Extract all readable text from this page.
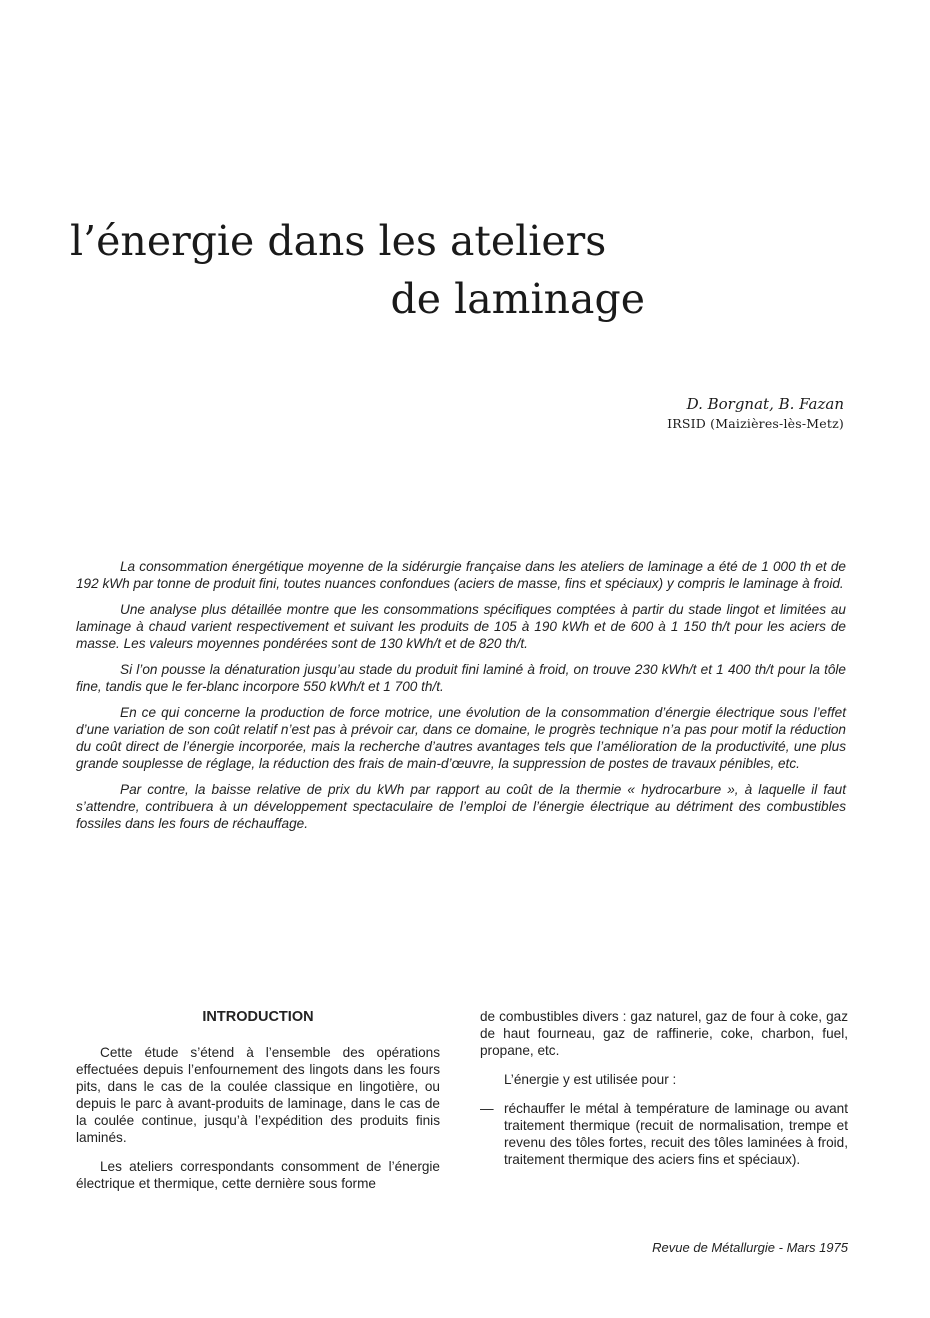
l’énergie dans les ateliers
de laminage
D. Borgnat, B. Fazan
IRSID (Maizières-lès-Metz)

La consommation énergétique moyenne de la sidérurgie française dans les ateliers de laminage a été de 1 000 th et de 192 kWh par tonne de produit fini, toutes nuances confondues (aciers de masse, fins et spéciaux) y compris le laminage à froid.

Une analyse plus détaillée montre que les consommations spécifiques comptées à partir du stade lingot et limitées au laminage à chaud varient respectivement et suivant les produits de 105 à 190 kWh et de 600 à 1 150 th/t pour les aciers de masse. Les valeurs moyennes pondérées sont de 130 kWh/t et de 820 th/t.

Si l’on pousse la dénaturation jusqu’au stade du produit fini laminé à froid, on trouve 230 kWh/t et 1 400 th/t pour la tôle fine, tandis que le fer-blanc incorpore 550 kWh/t et 1 700 th/t.

En ce qui concerne la production de force motrice, une évolution de la consommation d’énergie électrique sous l’effet d’une variation de son coût relatif n’est pas à prévoir car, dans ce domaine, le progrès technique n’a pas pour motif la réduction du coût direct de l’énergie incorporée, mais la recherche d’autres avantages tels que l’amélioration de la productivité, une plus grande souplesse de réglage, la réduction des frais de main-d’œuvre, la suppression de postes de travaux pénibles, etc.

Par contre, la baisse relative de prix du kWh par rapport au coût de la thermie « hydrocarbure », à laquelle il faut s’attendre, contribuera à un développement spectaculaire de l’emploi de l’énergie électrique au détriment des combustibles fossiles dans les fours de réchauffage.

INTRODUCTION

Cette étude s’étend à l’ensemble des opérations effectuées depuis l’enfournement des lingots dans les fours pits, dans le cas de la coulée classique en lingotière, ou depuis le parc à avant-produits de laminage, dans le cas de la coulée continue, jusqu’à l’expédition des produits finis laminés.

Les ateliers correspondants consomment de l’énergie électrique et thermique, cette dernière sous forme

de combustibles divers : gaz naturel, gaz de four à coke, gaz de haut fourneau, gaz de raffinerie, coke, charbon, fuel, propane, etc.

L’énergie y est utilisée pour :

— réchauffer le métal à température de laminage ou avant traitement thermique (recuit de normalisation, trempe et revenu des tôles fortes, recuit des tôles laminées à froid, traitement thermique des aciers fins et spéciaux).
Revue de Métallurgie - Mars 1975
